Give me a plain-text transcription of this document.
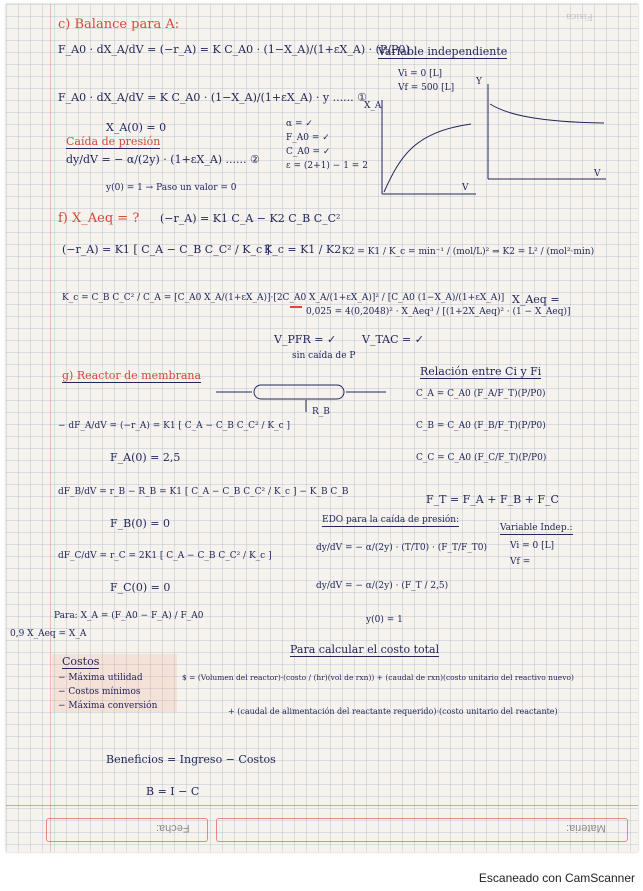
Fisica
c) Balance para A:
F_A0 · dX_A/dV = (−r_A) = K C_A0 · (1−X_A)/(1+εX_A) · (P/P0)
F_A0 · dX_A/dV = K C_A0 · (1−X_A)/(1+εX_A) · y ...... ①
X_A(0) = 0
Caída de presión
dy/dV = − α/(2y) · (1+εX_A) ...... ②
y(0) = 1 → Paso un valor = 0
α = ✓
F_A0 = ✓
C_A0 = ✓
ε = (2+1) − 1 = 2
Variable independiente
Vi = 0 [L]
Vf = 500 [L]
X_A
Y
V
V
f) X_Aeq = ? (−r_A) = K1 C_A − K2 C_B C_C²
(−r_A) = K1 [ C_A − C_B C_C² / K_c ]
K_c = K1 / K2 K2 = K1 / K_c = min⁻¹ / (mol/L)² ⇒ K2 = L² / (mol²·min)
K_c = C_B C_C² / C_A = [C_A0 X_A/(1+εX_A)]·[2C_A0 X_A/(1+εX_A)]² / [C_A0 (1−X_A)/(1+εX_A)]
0,025 = 4(0,2048)² · X_Aeq³ / [(1+2X_Aeq)² · (1 − X_Aeq)]
X_Aeq =
V_PFR = ✓ V_TAC = ✓
sin caída de P
g) Reactor de membrana
R_B
Relación entre Ci y Fi
C_A = C_A0 (F_A/F_T)(P/P0)
C_B = C_A0 (F_B/F_T)(P/P0)
C_C = C_A0 (F_C/F_T)(P/P0)
− dF_A/dV = (−r_A) = K1 [ C_A − C_B C_C² / K_c ]
F_A(0) = 2,5
dF_B/dV = r_B − R_B = K1 [ C_A − C_B C_C² / K_c ] − K_B C_B
F_B(0) = 0
F_T = F_A + F_B + F_C
EDO para la caída de presión:
dy/dV = − α/(2y) · (T/T0) · (F_T/F_T0)
dy/dV = − α/(2y) · (F_T / 2,5)
y(0) = 1
Variable Indep.:
Vi = 0 [L]
Vf =
dF_C/dV = r_C = 2K1 [ C_A − C_B C_C² / K_c ]
F_C(0) = 0
Para: X_A = (F_A0 − F_A) / F_A0
0,9 X_Aeq = X_A
Costos
− Máxima utilidad
− Costos mínimos
− Máxima conversión
Para calcular el costo total
$ = (Volumen del reactor)·(costo / (hr)(vol de rxn)) + (caudal de rxn)(costo unitario del reactivo nuevo)
+ (caudal de alimentación del reactante requerido)·(costo unitario del reactante)
Beneficios = Ingreso − Costos
B = I − C
Fecha:	Materia:
Escaneado con CamScanner
